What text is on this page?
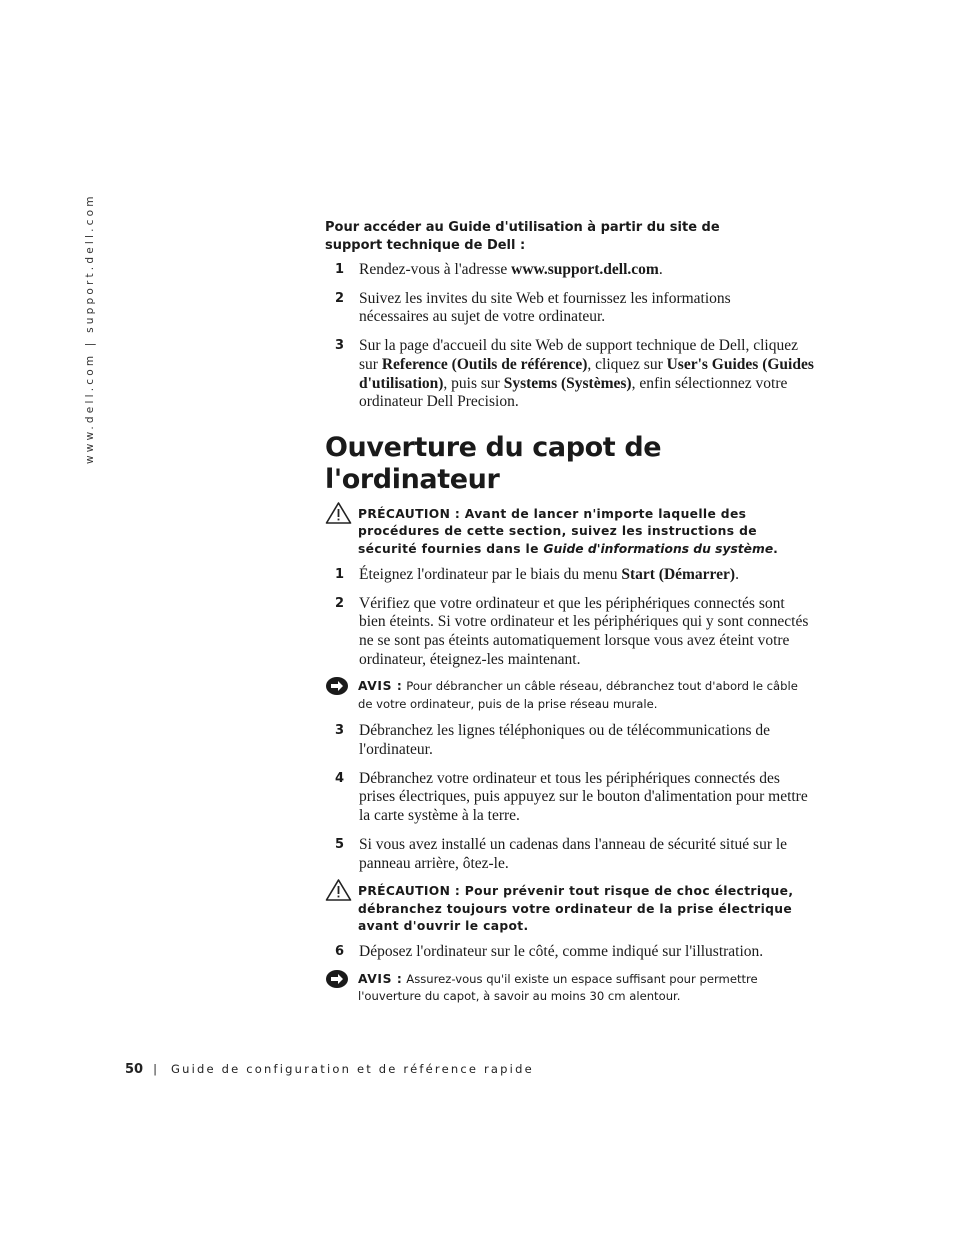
www.dell.com | support.dell.com	Pour accéder au Guide d'utilisation à partir du site de support technique de Dell :

1 Rendez-vous à l'adresse www.support.dell.com.
2 Suivez les invites du site Web et fournissez les informations nécessaires au sujet de votre ordinateur.
3 Sur la page d'accueil du site Web de support technique de Dell, cliquez sur Reference (Outils de référence), cliquez sur User's Guides (Guides d'utilisation), puis sur Systems (Systèmes), enfin sélectionnez votre ordinateur Dell Precision.
Ouverture du capot de l'ordinateur
PRÉCAUTION : Avant de lancer n'importe laquelle des procédures de cette section, suivez les instructions de sécurité fournies dans le Guide d'informations du système.
1 Éteignez l'ordinateur par le biais du menu Start (Démarrer).
2 Vérifiez que votre ordinateur et que les périphériques connectés sont bien éteints. Si votre ordinateur et les périphériques qui y sont connectés ne se sont pas éteints automatiquement lorsque vous avez éteint votre ordinateur, éteignez-les maintenant.
AVIS : Pour débrancher un câble réseau, débranchez tout d'abord le câble de votre ordinateur, puis de la prise réseau murale.
3 Débranchez les lignes téléphoniques ou de télécommunications de l'ordinateur.
4 Débranchez votre ordinateur et tous les périphériques connectés des prises électriques, puis appuyez sur le bouton d'alimentation pour mettre la carte système à la terre.
5 Si vous avez installé un cadenas dans l'anneau de sécurité situé sur le panneau arrière, ôtez-le.
PRÉCAUTION : Pour prévenir tout risque de choc électrique, débranchez toujours votre ordinateur de la prise électrique avant d'ouvrir le capot.
6 Déposez l'ordinateur sur le côté, comme indiqué sur l'illustration.
AVIS : Assurez-vous qu'il existe un espace suffisant pour permettre l'ouverture du capot, à savoir au moins 30 cm alentour.
50 | Guide de configuration et de référence rapide
